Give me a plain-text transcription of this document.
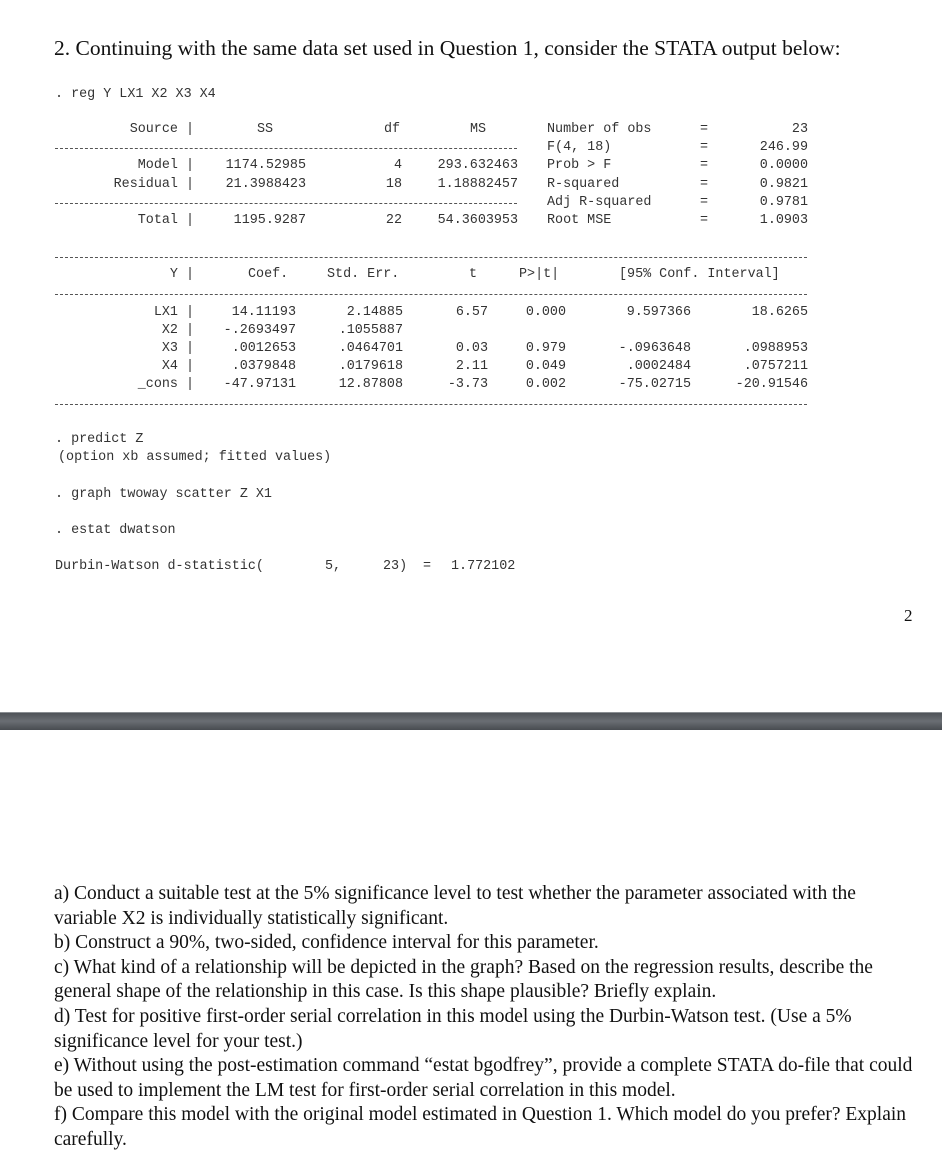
2. Continuing with the same data set used in Question 1, consider the STATA output below:
. reg Y LX1 X2 X3 X4
Source |	SS	df	MS	Number of obs	=	23
F(4, 18)	=	246.99
Prob > F	=	0.0000
R-squared	=	0.9821
Adj R-squared	=	0.9781
Root MSE	=	1.0903
Model |	1174.52985	4	293.632463
Residual |	21.3988423	18	1.18882457
Total |	1195.9287	22	54.3603953
Y |	Coef.	Std. Err.	t	P>|t|	[95% Conf. Interval]
LX1 |	14.11193	2.14885	6.57	0.000	9.597366	18.6265
X2 |	-.2693497	.1055887
X3 |	.0012653	.0464701	0.03	0.979	-.0963648	.0988953
X4 |	.0379848	.0179618	2.11	0.049	.0002484	.0757211
_cons |	-47.97131	12.87808	-3.73	0.002	-75.02715	-20.91546
. predict Z
(option xb assumed; fitted values)
. graph twoway scatter Z X1
. estat dwatson
Durbin-Watson d-statistic(	5,	23) = 1.772102
2

a) Conduct a suitable test at the 5% significance level to test whether the parameter associated with the variable X2 is individually statistically significant.

b) Construct a 90%, two-sided, confidence interval for this parameter.

c) What kind of a relationship will be depicted in the graph? Based on the regression results, describe the general shape of the relationship in this case. Is this shape plausible? Briefly explain.

d) Test for positive first-order serial correlation in this model using the Durbin-Watson test. (Use a 5% significance level for your test.)

e) Without using the post-estimation command “estat bgodfrey”, provide a complete STATA do-file that could be used to implement the LM test for first-order serial correlation in this model.

f) Compare this model with the original model estimated in Question 1. Which model do you prefer? Explain carefully.
